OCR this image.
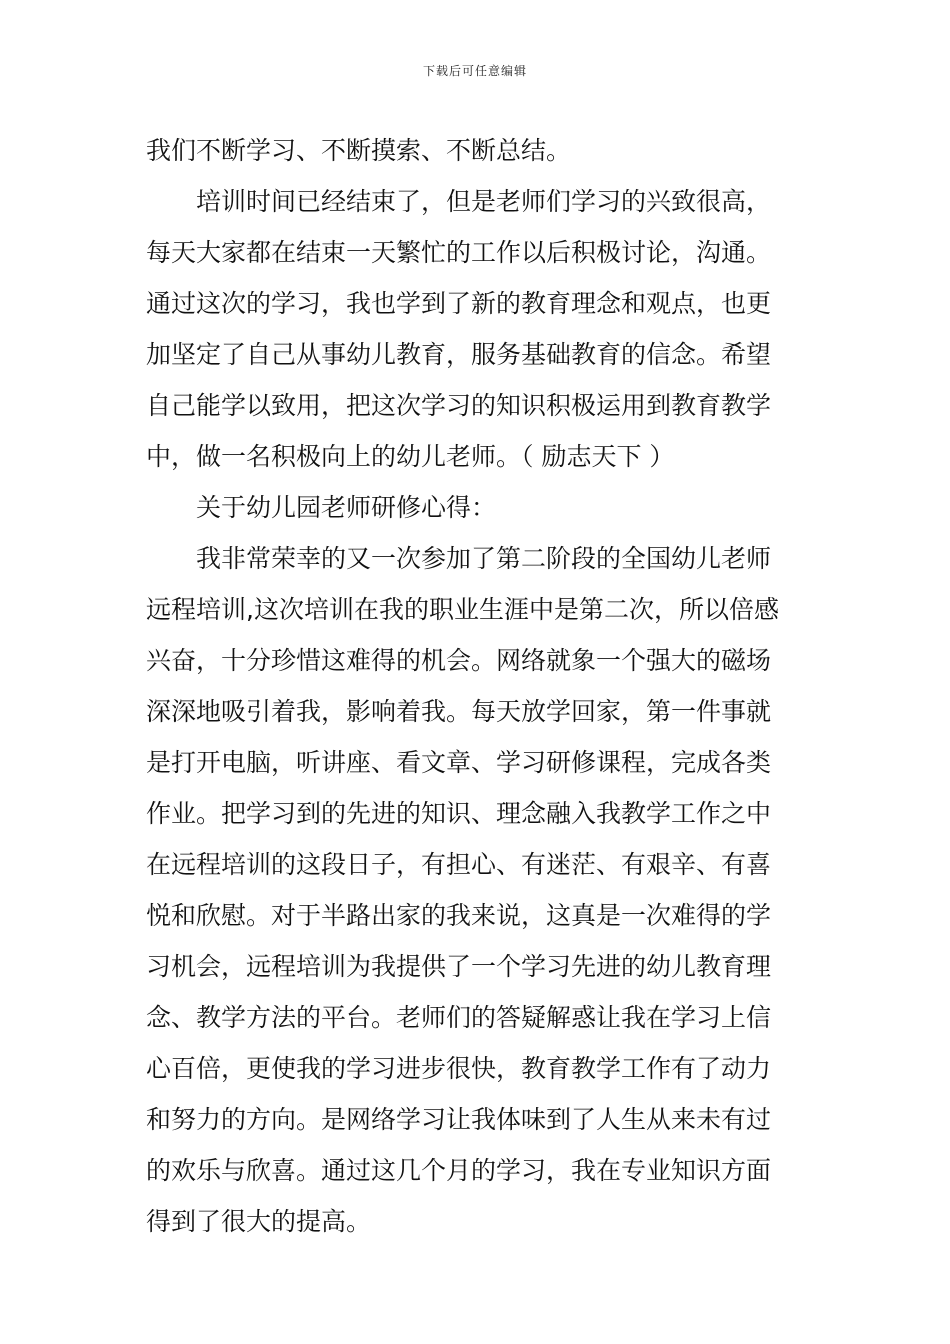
下载后可任意编辑
我们不断学习、不断摸索、不断总结。
培训时间已经结束了，但是老师们学习的兴致很高，
每天大家都在结束一天繁忙的工作以后积极讨论，沟通。
通过这次的学习，我也学到了新的教育理念和观点，也更
加坚定了自己从事幼儿教育，服务基础教育的信念。希望
自己能学以致用，把这次学习的知识积极运用到教育教学
中，做一名积极向上的幼儿老师。（ 励志天下 ）
关于幼儿园老师研修心得：
我非常荣幸的又一次参加了第二阶段的全国幼儿老师
远程培训,这次培训在我的职业生涯中是第二次，所以倍感
兴奋，十分珍惜这难得的机会。网络就象一个强大的磁场
深深地吸引着我，影响着我。每天放学回家，第一件事就
是打开电脑，听讲座、看文章、学习研修课程，完成各类
作业。把学习到的先进的知识、理念融入我教学工作之中
在远程培训的这段日子，有担心、有迷茫、有艰辛、有喜
悦和欣慰。对于半路出家的我来说，这真是一次难得的学
习机会，远程培训为我提供了一个学习先进的幼儿教育理
念、教学方法的平台。老师们的答疑解惑让我在学习上信
心百倍，更使我的学习进步很快，教育教学工作有了动力
和努力的方向。是网络学习让我体味到了人生从来未有过
的欢乐与欣喜。通过这几个月的学习，我在专业知识方面
得到了很大的提高。
